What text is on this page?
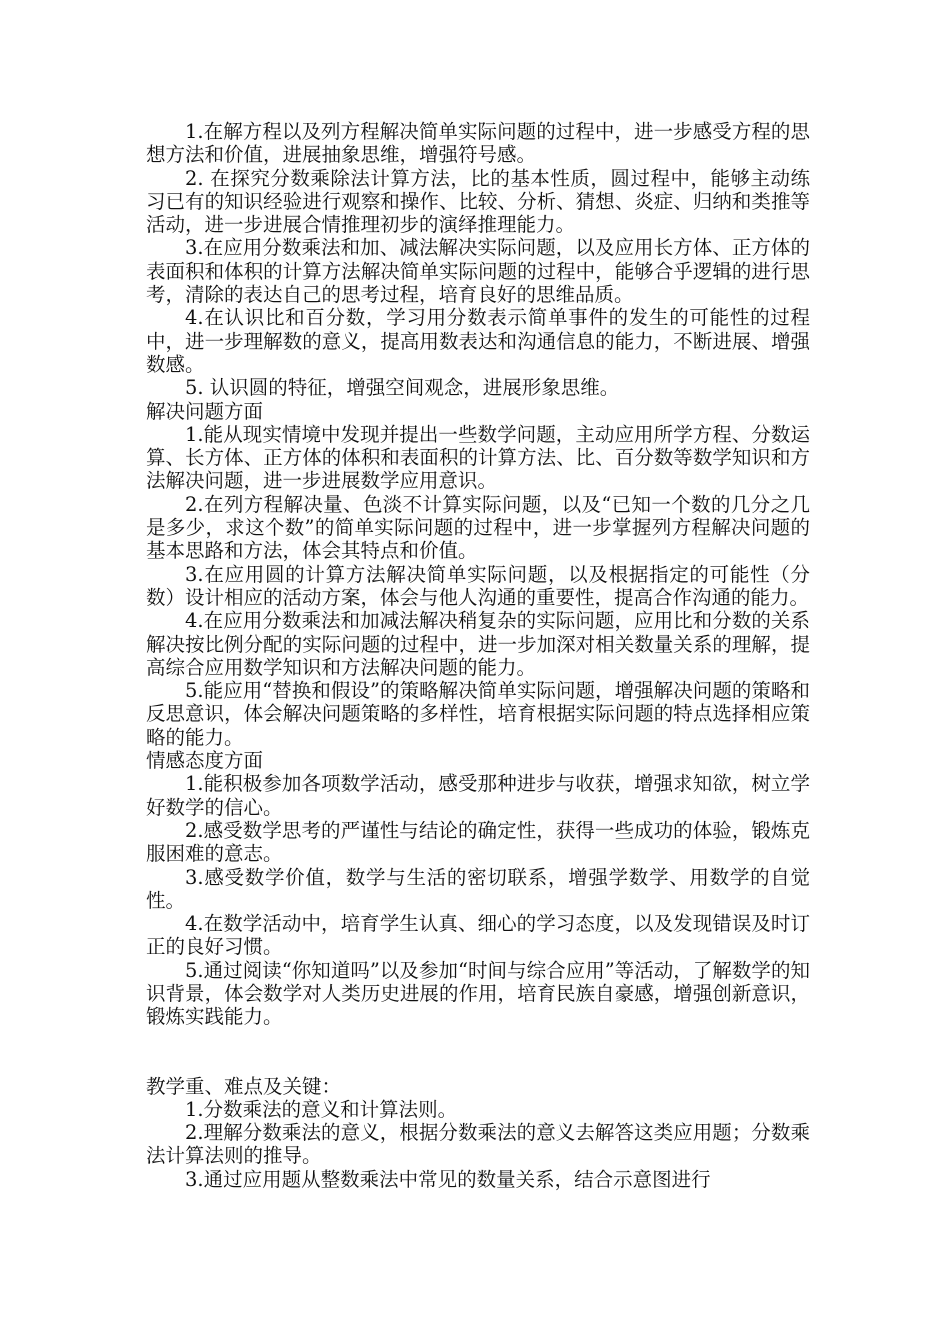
1.在解方程以及列方程解决简单实际问题的过程中，进一步感受方程的思想方法和价值，进展抽象思维，增强符号感。

2. 在探究分数乘除法计算方法，比的基本性质，圆过程中，能够主动练习已有的知识经验进行观察和操作、比较、分析、猜想、炎症、归纳和类推等活动，进一步进展合情推理初步的演绎推理能力。

3.在应用分数乘法和加、减法解决实际问题，以及应用长方体、正方体的表面积和体积的计算方法解决简单实际问题的过程中，能够合乎逻辑的进行思考，清除的表达自己的思考过程，培育良好的思维品质。

4.在认识比和百分数，学习用分数表示简单事件的发生的可能性的过程中，进一步理解数的意义，提高用数表达和沟通信息的能力，不断进展、增强数感。

5. 认识圆的特征，增强空间观念，进展形象思维。

解决问题方面

1.能从现实情境中发现并提出一些数学问题，主动应用所学方程、分数运算、长方体、正方体的体积和表面积的计算方法、比、百分数等数学知识和方法解决问题，进一步进展数学应用意识。

2.在列方程解决量、色淡不计算实际问题，以及“已知一个数的几分之几是多少，求这个数”的简单实际问题的过程中，进一步掌握列方程解决问题的基本思路和方法，体会其特点和价值。

3.在应用圆的计算方法解决简单实际问题，以及根据指定的可能性（分数）设计相应的活动方案，体会与他人沟通的重要性，提高合作沟通的能力。

4.在应用分数乘法和加减法解决稍复杂的实际问题，应用比和分数的关系解决按比例分配的实际问题的过程中，进一步加深对相关数量关系的理解，提高综合应用数学知识和方法解决问题的能力。

5.能应用“替换和假设”的策略解决简单实际问题，增强解决问题的策略和反思意识，体会解决问题策略的多样性，培育根据实际问题的特点选择相应策略的能力。

情感态度方面

1.能积极参加各项数学活动，感受那种进步与收获，增强求知欲，树立学好数学的信心。

2.感受数学思考的严谨性与结论的确定性，获得一些成功的体验，锻炼克服困难的意志。

3.感受数学价值，数学与生活的密切联系，增强学数学、用数学的自觉性。

4.在数学活动中，培育学生认真、细心的学习态度，以及发现错误及时订正的良好习惯。

5.通过阅读“你知道吗”以及参加“时间与综合应用”等活动，了解数学的知识背景，体会数学对人类历史进展的作用，培育民族自豪感，增强创新意识，锻炼实践能力。

教学重、难点及关键：

1.分数乘法的意义和计算法则。

2.理解分数乘法的意义，根据分数乘法的意义去解答这类应用题；分数乘法计算法则的推导。

3.通过应用题从整数乘法中常见的数量关系，结合示意图进行
